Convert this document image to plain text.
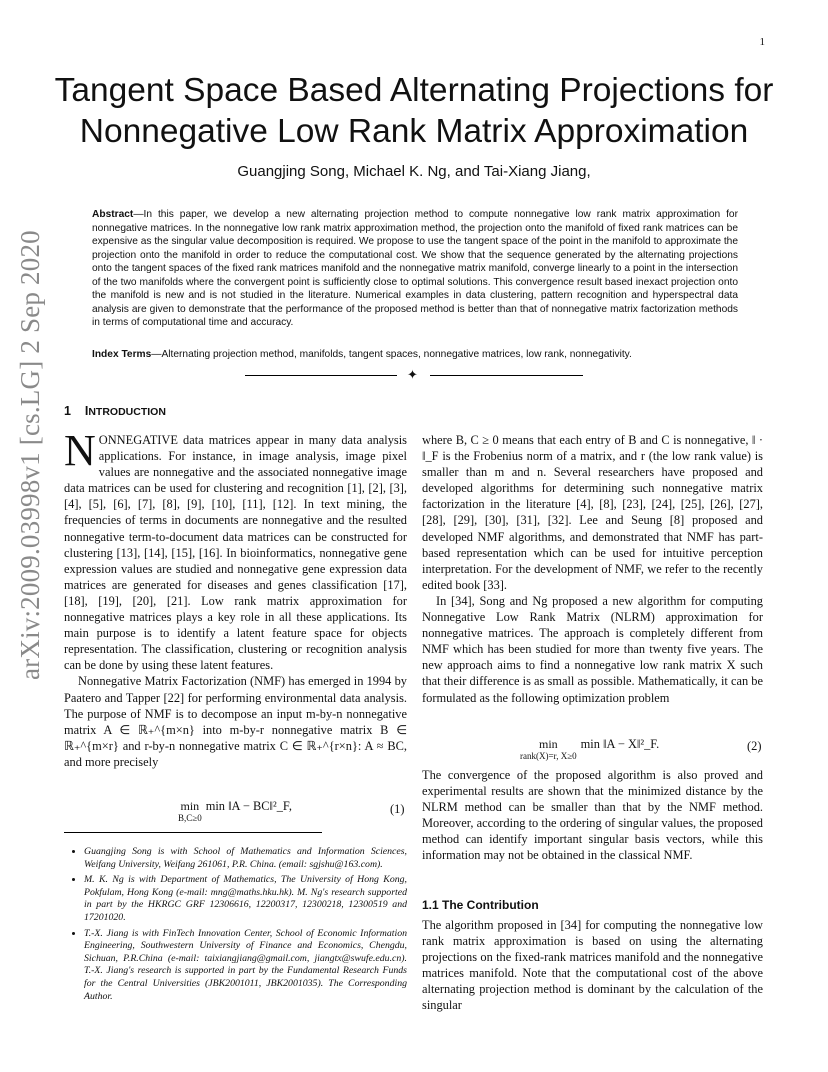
1
arXiv:2009.03998v1 [cs.LG] 2 Sep 2020
Tangent Space Based Alternating Projections for Nonnegative Low Rank Matrix Approximation
Guangjing Song, Michael K. Ng, and Tai-Xiang Jiang,
Abstract—In this paper, we develop a new alternating projection method to compute nonnegative low rank matrix approximation for nonnegative matrices. In the nonnegative low rank matrix approximation method, the projection onto the manifold of fixed rank matrices can be expensive as the singular value decomposition is required. We propose to use the tangent space of the point in the manifold to approximate the projection onto the manifold in order to reduce the computational cost. We show that the sequence generated by the alternating projections onto the tangent spaces of the fixed rank matrices manifold and the nonnegative matrix manifold, converge linearly to a point in the intersection of the two manifolds where the convergent point is sufficiently close to optimal solutions. This convergence result based inexact projection onto the manifold is new and is not studied in the literature. Numerical examples in data clustering, pattern recognition and hyperspectral data analysis are given to demonstrate that the performance of the proposed method is better than that of nonnegative matrix factorization methods in terms of computational time and accuracy.
Index Terms—Alternating projection method, manifolds, tangent spaces, nonnegative matrices, low rank, nonnegativity.
✦
1 INTRODUCTION

NONNEGATIVE data matrices appear in many data analysis applications. For instance, in image analysis, image pixel values are nonnegative and the associated nonnegative image data matrices can be used for clustering and recognition [1], [2], [3], [4], [5], [6], [7], [8], [9], [10], [11], [12]. In text mining, the frequencies of terms in documents are nonnegative and the resulted nonnegative term-to-document data matrices can be constructed for clustering [13], [14], [15], [16]. In bioinformatics, nonnegative gene expression values are studied and nonnegative gene expression data matrices are generated for diseases and genes classification [17], [18], [19], [20], [21]. Low rank matrix approximation for nonnegative matrices plays a key role in all these applications. Its main purpose is to identify a latent feature space for objects representation. The classification, clustering or recognition analysis can be done by using these latent features.

Nonnegative Matrix Factorization (NMF) has emerged in 1994 by Paatero and Tapper [22] for performing environmental data analysis. The purpose of NMF is to decompose an input m-by-n nonnegative matrix A ∈ ℝ₊^{m×n} into m-by-r nonnegative matrix B ∈ ℝ₊^{m×r} and r-by-n nonnegative matrix C ∈ ℝ₊^{r×n}: A ≈ BC, and more precisely

min
B,C≥0
min ‖A − BC‖²_F,	(1)
• Guangjing Song is with School of Mathematics and Information Sciences, Weifang University, Weifang 261061, P.R. China. (email: sgjshu@163.com).
• M. K. Ng is with Department of Mathematics, The University of Hong Kong, Pokfulam, Hong Kong (e-mail: mng@maths.hku.hk). M. Ng's research supported in part by the HKRGC GRF 12306616, 12200317, 12300218, 12300519 and 17201020.
• T.-X. Jiang is with FinTech Innovation Center, School of Economic Information Engineering, Southwestern University of Finance and Economics, Chengdu, Sichuan, P.R.China (e-mail: taixiangjiang@gmail.com, jiangtx@swufe.edu.cn). T.-X. Jiang's research is supported in part by the Fundamental Research Funds for the Central Universities (JBK2001011, JBK2001035). The Corresponding Author.

where B, C ≥ 0 means that each entry of B and C is nonnegative, ‖ · ‖_F is the Frobenius norm of a matrix, and r (the low rank value) is smaller than m and n. Several researchers have proposed and developed algorithms for determining such nonnegative matrix factorization in the literature [4], [8], [23], [24], [25], [26], [27], [28], [29], [30], [31], [32]. Lee and Seung [8] proposed and developed NMF algorithms, and demonstrated that NMF has part-based representation which can be used for intuitive perception interpretation. For the development of NMF, we refer to the recently edited book [33].

In [34], Song and Ng proposed a new algorithm for computing Nonnegative Low Rank Matrix (NLRM) approximation for nonnegative matrices. The approach is completely different from NMF which has been studied for more than twenty five years. The new approach aims to find a nonnegative low rank matrix X such that their difference is as small as possible. Mathematically, it can be formulated as the following optimization problem

min
rank(X)=r, X≥0
min ‖A − X‖²_F.	(2)
The convergence of the proposed algorithm is also proved and experimental results are shown that the minimized distance by the NLRM method can be smaller than that by the NMF method. Moreover, according to the ordering of singular values, the proposed method can identify important singular basis vectors, while this information may not be obtained in the classical NMF.
1.1 The Contribution
The algorithm proposed in [34] for computing the nonnegative low rank matrix approximation is based on using the alternating projections on the fixed-rank matrices manifold and the nonnegative matrices manifold. Note that the computational cost of the above alternating projection method is dominant by the calculation of the singular
